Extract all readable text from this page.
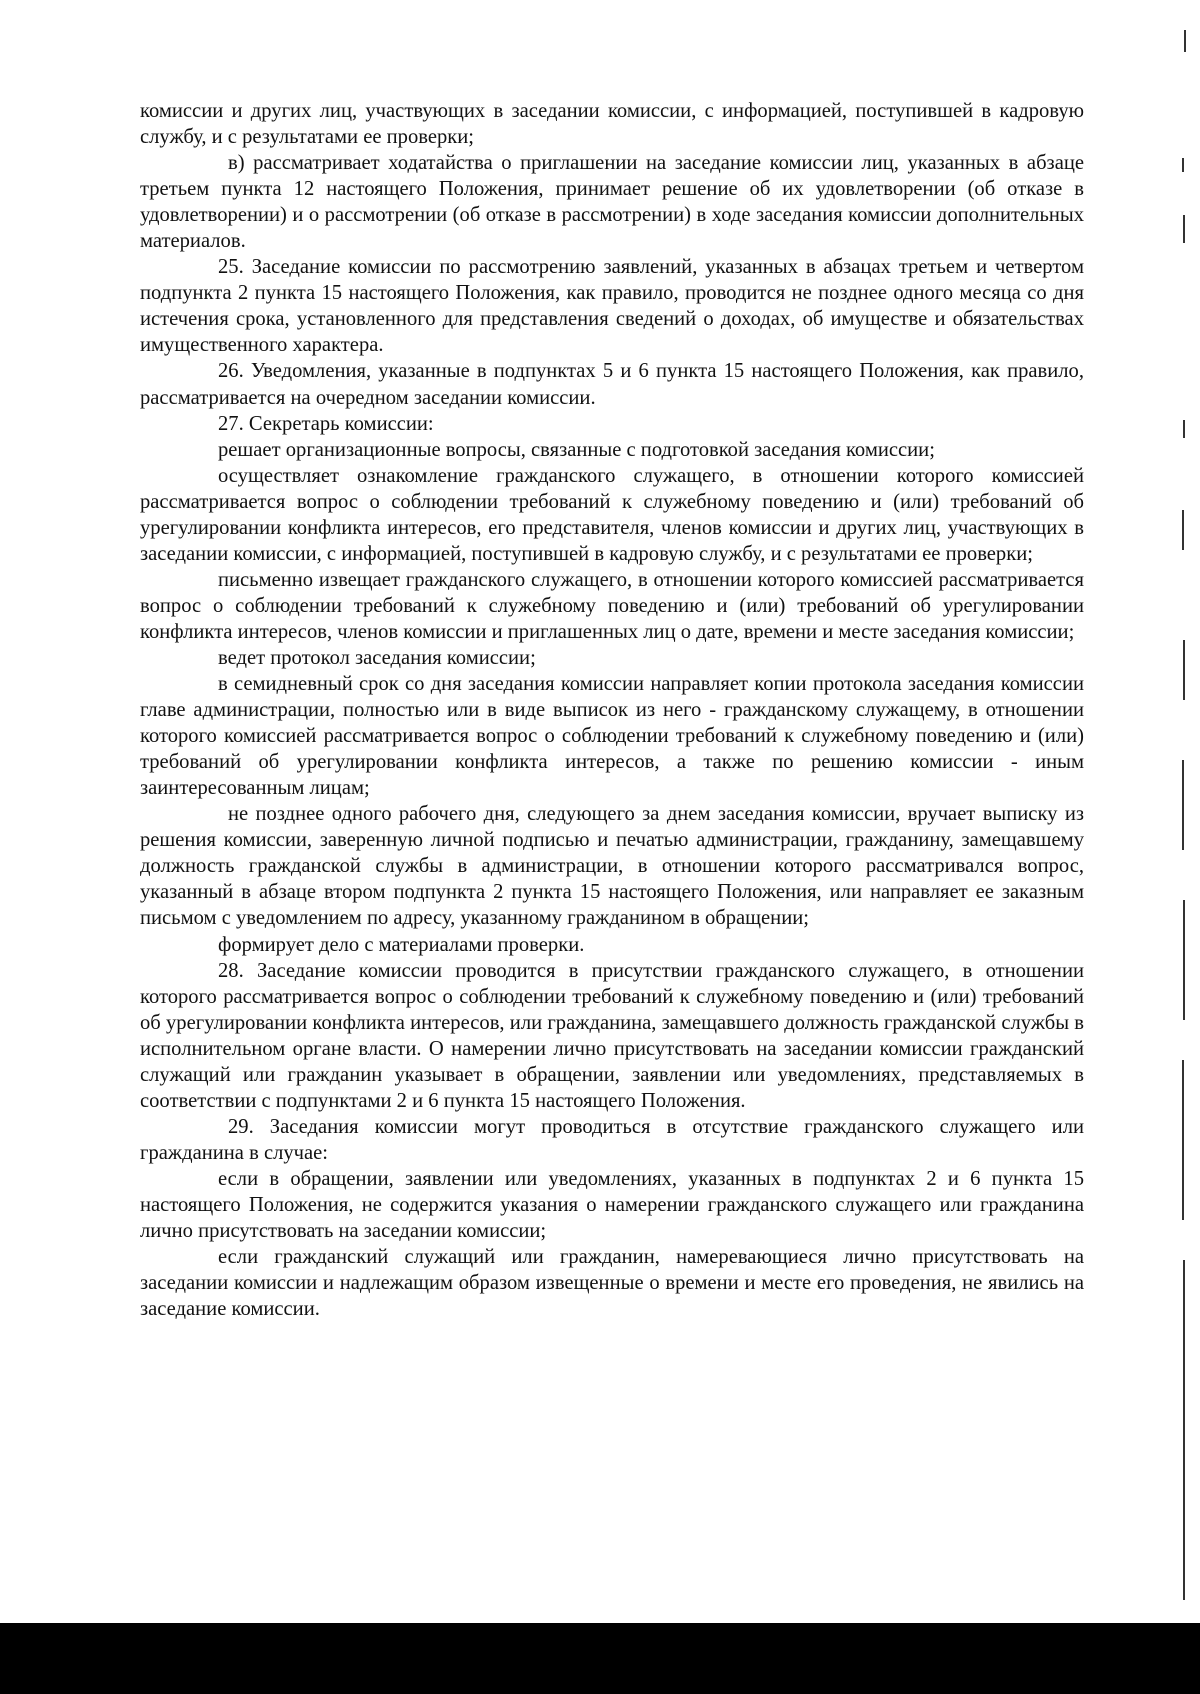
комиссии и других лиц, участвующих в заседании комиссии, с информацией, поступившей в кадровую службу, и с результатами ее проверки;

в) рассматривает ходатайства о приглашении на заседание комиссии лиц, указанных в абзаце третьем пункта 12 настоящего Положения, принимает решение об их удовлетворении (об отказе в удовлетворении) и о рассмотрении (об отказе в рассмотрении) в ходе заседания комиссии дополнительных материалов.

25. Заседание комиссии по рассмотрению заявлений, указанных в абзацах третьем и четвертом подпункта 2 пункта 15 настоящего Положения, как правило, проводится не позднее одного месяца со дня истечения срока, установленного для представления сведений о доходах, об имуществе и обязательствах имущественного характера.

26. Уведомления, указанные в подпунктах 5 и 6 пункта 15 настоящего Положения, как правило, рассматривается на очередном заседании комиссии.

27. Секретарь комиссии:

решает организационные вопросы, связанные с подготовкой заседания комиссии;

осуществляет ознакомление гражданского служащего, в отношении которого комиссией рассматривается вопрос о соблюдении требований к служебному поведению и (или) требований об урегулировании конфликта интересов, его представителя, членов комиссии и других лиц, участвующих в заседании комиссии, с информацией, поступившей в кадровую службу, и с результатами ее проверки;

письменно извещает гражданского служащего, в отношении которого комиссией рассматривается вопрос о соблюдении требований к служебному поведению и (или) требований об урегулировании конфликта интересов, членов комиссии и приглашенных лиц о дате, времени и месте заседания комиссии;

ведет протокол заседания комиссии;

в семидневный срок со дня заседания комиссии направляет копии протокола заседания комиссии главе администрации, полностью или в виде выписок из него - гражданскому служащему, в отношении которого комиссией рассматривается вопрос о соблюдении требований к служебному поведению и (или) требований об урегулировании конфликта интересов, а также по решению комиссии - иным заинтересованным лицам;

не позднее одного рабочего дня, следующего за днем заседания комиссии, вручает выписку из решения комиссии, заверенную личной подписью и печатью администрации, гражданину, замещавшему должность гражданской службы в администрации, в отношении которого рассматривался вопрос, указанный в абзаце втором подпункта 2 пункта 15 настоящего Положения, или направляет ее заказным письмом с уведомлением по адресу, указанному гражданином в обращении;

формирует дело с материалами проверки.

28. Заседание комиссии проводится в присутствии гражданского служащего, в отношении которого рассматривается вопрос о соблюдении требований к служебному поведению и (или) требований об урегулировании конфликта интересов, или гражданина, замещавшего должность гражданской службы в исполнительном органе власти. О намерении лично присутствовать на заседании комиссии гражданский служащий или гражданин указывает в обращении, заявлении или уведомлениях, представляемых в соответствии с подпунктами 2 и 6 пункта 15 настоящего Положения.

29. Заседания комиссии могут проводиться в отсутствие гражданского служащего или гражданина в случае:

если в обращении, заявлении или уведомлениях, указанных в подпунктах 2 и 6 пункта 15 настоящего Положения, не содержится указания о намерении гражданского служащего или гражданина лично присутствовать на заседании комиссии;

если гражданский служащий или гражданин, намеревающиеся лично присутствовать на заседании комиссии и надлежащим образом извещенные о времени и месте его проведения, не явились на заседание комиссии.
